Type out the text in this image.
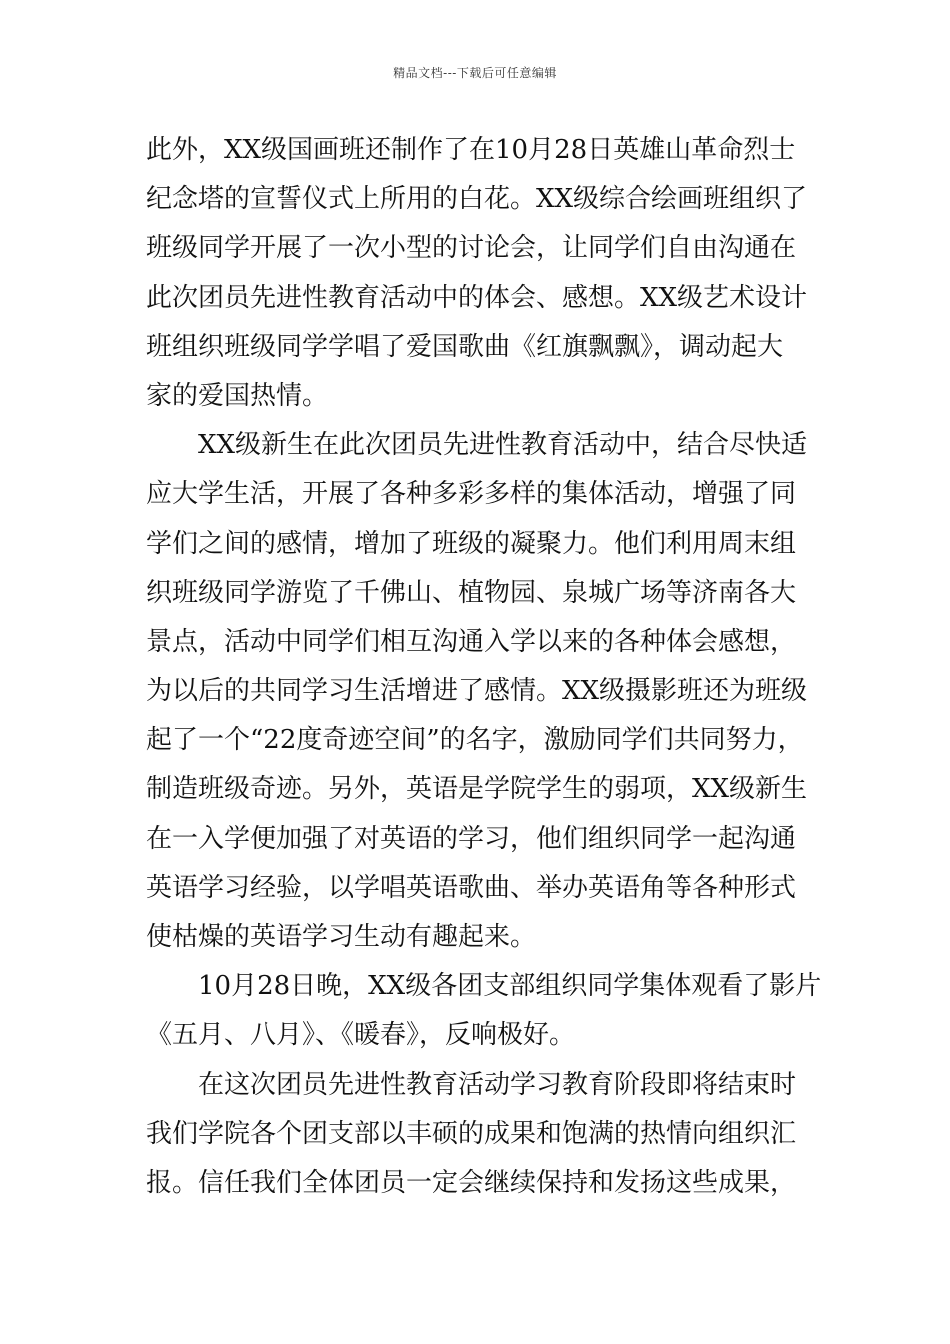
精品文档---下载后可任意编辑
此外，XX级国画班还制作了在10月28日英雄山革命烈士
纪念塔的宣誓仪式上所用的白花。XX级综合绘画班组织了
班级同学开展了一次小型的讨论会，让同学们自由沟通在
此次团员先进性教育活动中的体会、感想。XX级艺术设计
班组织班级同学学唱了爱国歌曲《红旗飘飘》，调动起大
家的爱国热情。
XX级新生在此次团员先进性教育活动中，结合尽快适
应大学生活，开展了各种多彩多样的集体活动，增强了同
学们之间的感情，增加了班级的凝聚力。他们利用周末组
织班级同学游览了千佛山、植物园、泉城广场等济南各大
景点，活动中同学们相互沟通入学以来的各种体会感想，
为以后的共同学习生活增进了感情。XX级摄影班还为班级
起了一个“22度奇迹空间”的名字，激励同学们共同努力，
制造班级奇迹。另外，英语是学院学生的弱项，XX级新生
在一入学便加强了对英语的学习，他们组织同学一起沟通
英语学习经验，以学唱英语歌曲、举办英语角等各种形式
使枯燥的英语学习生动有趣起来。
10月28日晚，XX级各团支部组织同学集体观看了影片
《五月、八月》、《暖春》，反响极好。
在这次团员先进性教育活动学习教育阶段即将结束时
我们学院各个团支部以丰硕的成果和饱满的热情向组织汇
报。信任我们全体团员一定会继续保持和发扬这些成果，
